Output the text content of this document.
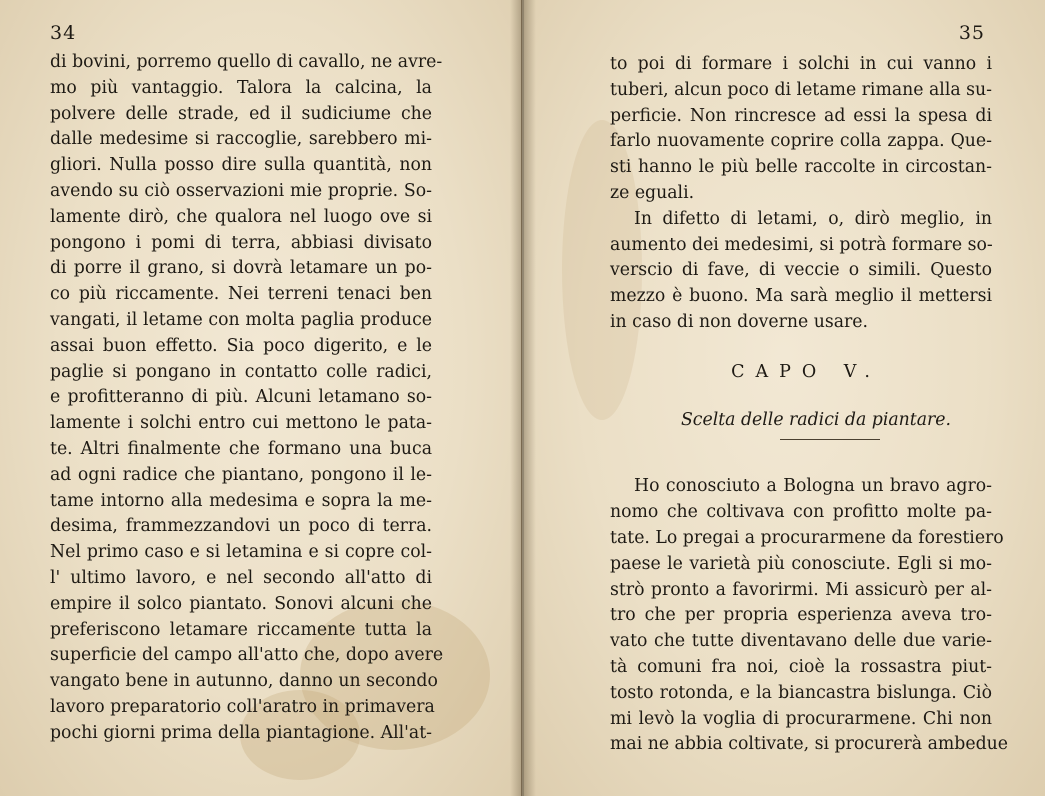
34
di bovini, porremo quello di cavallo, ne avre-
mo più vantaggio. Talora la calcina, la
polvere delle strade, ed il sudiciume che
dalle medesime si raccoglie, sarebbero mi-
gliori. Nulla posso dire sulla quantità, non
avendo su ciò osservazioni mie proprie. So-
lamente dirò, che qualora nel luogo ove si
pongono i pomi di terra, abbiasi divisato
di porre il grano, si dovrà letamare un po-
co più riccamente. Nei terreni tenaci ben
vangati, il letame con molta paglia produce
assai buon effetto. Sia poco digerito, e le
paglie si pongano in contatto colle radici,
e profitteranno di più. Alcuni letamano so-
lamente i solchi entro cui mettono le pata-
te. Altri finalmente che formano una buca
ad ogni radice che piantano, pongono il le-
tame intorno alla medesima e sopra la me-
desima, frammezzandovi un poco di terra.
Nel primo caso e si letamina e si copre col-
l' ultimo lavoro, e nel secondo all'atto di
empire il solco piantato. Sonovi alcuni che
preferiscono letamare riccamente tutta la
superficie del campo all'atto che, dopo avere
vangato bene in autunno, danno un secondo
lavoro preparatorio coll'aratro in primavera
pochi giorni prima della piantagione. All'at-
35
to poi di formare i solchi in cui vanno i
tuberi, alcun poco di letame rimane alla su-
perficie. Non rincresce ad essi la spesa di
farlo nuovamente coprire colla zappa. Que-
sti hanno le più belle raccolte in circostan-
ze eguali.
In difetto di letami, o, dirò meglio, in
aumento dei medesimi, si potrà formare so-
verscio di fave, di veccie o simili. Questo
mezzo è buono. Ma sarà meglio il mettersi
in caso di non doverne usare.
CAPO V.
Scelta delle radici da piantare.
Ho conosciuto a Bologna un bravo agro-
nomo che coltivava con profitto molte pa-
tate. Lo pregai a procurarmene da forestiero
paese le varietà più conosciute. Egli si mo-
strò pronto a favorirmi. Mi assicurò per al-
tro che per propria esperienza aveva tro-
vato che tutte diventavano delle due varie-
tà comuni fra noi, cioè la rossastra piut-
tosto rotonda, e la biancastra bislunga. Ciò
mi levò la voglia di procurarmene. Chi non
mai ne abbia coltivate, si procurerà ambedue
